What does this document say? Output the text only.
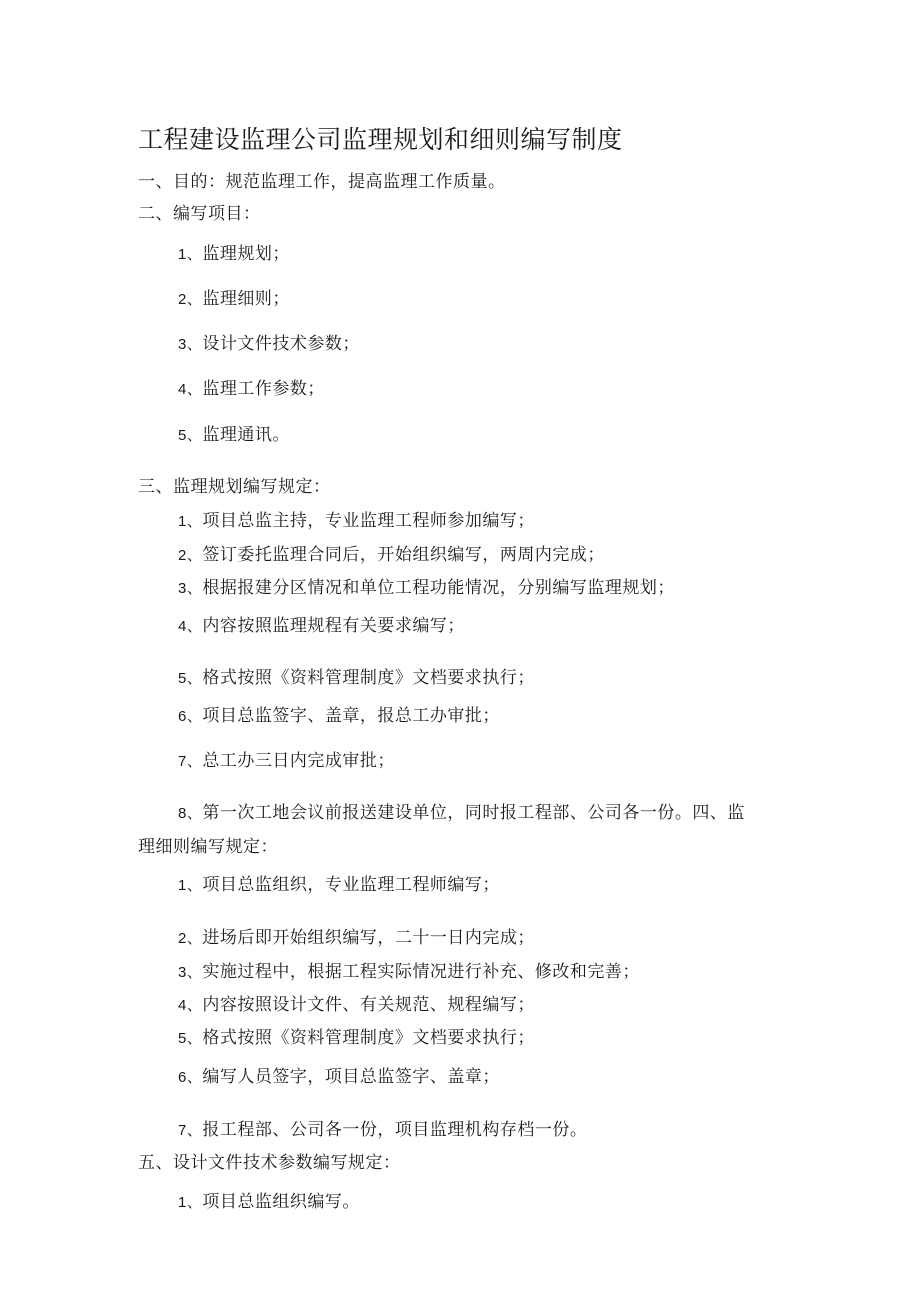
工程建设监理公司监理规划和细则编写制度
一、目的：规范监理工作，提高监理工作质量。
二、编写项目：
1、监理规划；
2、监理细则；
3、设计文件技术参数；
4、监理工作参数；
5、监理通讯。
三、监理规划编写规定：
1、项目总监主持，专业监理工程师参加编写；
2、签订委托监理合同后，开始组织编写，两周内完成；
3、根据报建分区情况和单位工程功能情况，分别编写监理规划；
4、内容按照监理规程有关要求编写；
5、格式按照《资料管理制度》文档要求执行；
6、项目总监签字、盖章，报总工办审批；
7、总工办三日内完成审批；
8、第一次工地会议前报送建设单位，同时报工程部、公司各一份。四、监
理细则编写规定：
1、项目总监组织，专业监理工程师编写；
2、进场后即开始组织编写，二十一日内完成；
3、实施过程中，根据工程实际情况进行补充、修改和完善；
4、内容按照设计文件、有关规范、规程编写；
5、格式按照《资料管理制度》文档要求执行；
6、编写人员签字，项目总监签字、盖章；
7、报工程部、公司各一份，项目监理机构存档一份。
五、设计文件技术参数编写规定：
1、项目总监组织编写。
